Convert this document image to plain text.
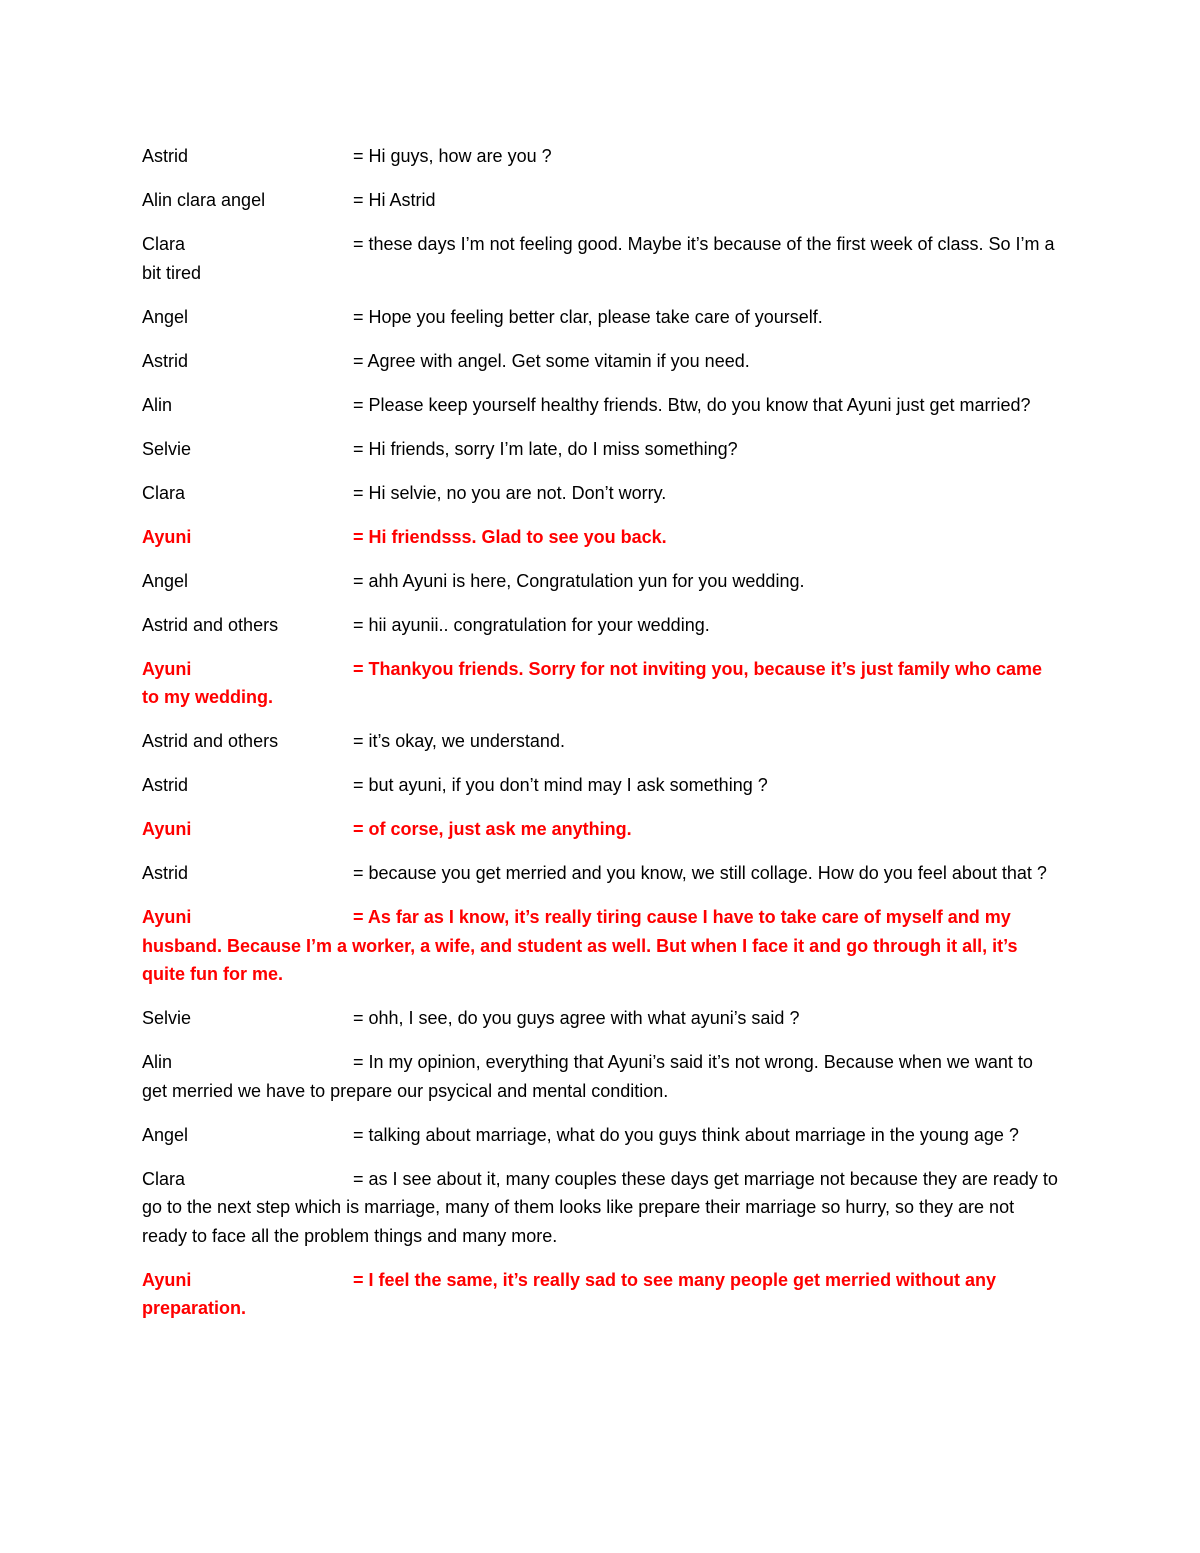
Astrid	= Hi guys, how are you ?
Alin clara angel	= Hi Astrid
Clara	= these days I’m not feeling good. Maybe it’s because of the first week of class. So I’m a bit tired
Angel	= Hope you feeling better clar, please take care of yourself.
Astrid	= Agree with angel. Get some vitamin if you need.
Alin	= Please keep yourself healthy friends. Btw, do you know that Ayuni just get married?
Selvie	= Hi friends, sorry I’m late, do I miss something?
Clara	= Hi selvie, no you are not. Don’t worry.
Ayuni	= Hi friendsss. Glad to see you back.
Angel	= ahh Ayuni is here, Congratulation yun for you wedding.
Astrid and others	= hii ayunii.. congratulation for your wedding.
Ayuni	= Thankyou friends. Sorry for not inviting you, because it’s just family who came to my wedding.
Astrid and others	= it’s okay, we understand.
Astrid	= but ayuni, if you don’t mind may I ask something ?
Ayuni	= of corse, just ask me anything.
Astrid	= because you get merried and you know, we still collage. How do you feel about that ?
Ayuni	= As far as I know, it’s really tiring cause I have to take care of myself and my husband. Because I’m a worker, a wife, and student as well. But when I face it and go through it all, it’s quite fun for me.
Selvie	= ohh, I see, do you guys agree with what ayuni’s said ?
Alin	= In my opinion, everything that Ayuni’s said it’s not wrong. Because when we want to get merried we have to prepare our psycical and mental condition.
Angel	= talking about marriage, what do you guys think about marriage in the young age ?
Clara	= as I see about it, many couples these days get marriage not because they are ready to go to the next step which is marriage, many of them looks like prepare their marriage so hurry, so they are not ready to face all the problem things and many more.
Ayuni	= I feel the same, it’s really sad to see many people get merried without any preparation.
